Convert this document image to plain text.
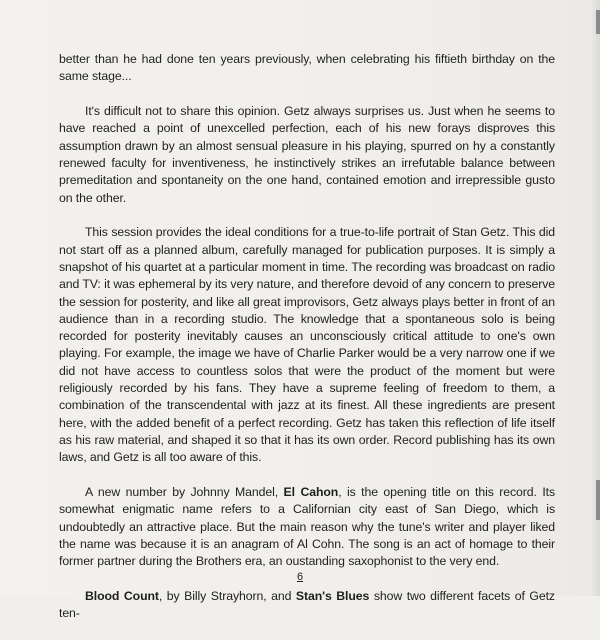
better than he had done ten years previously, when celebrating his fiftieth birthday on the same stage...

It's difficult not to share this opinion. Getz always surprises us. Just when he seems to have reached a point of unexcelled perfection, each of his new forays disproves this assumption drawn by an almost sensual pleasure in his playing, spurred on hy a constantly renewed faculty for inventiveness, he instinctively strikes an irrefutable balance between premeditation and spontaneity on the one hand, contained emotion and irrepressible gusto on the other.

This session provides the ideal conditions for a true-to-life portrait of Stan Getz. This did not start off as a planned album, carefully managed for publication purposes. It is simply a snapshot of his quartet at a particular moment in time. The recording was broadcast on radio and TV: it was ephemeral by its very nature, and therefore devoid of any concern to preserve the session for posterity, and like all great improvisors, Getz always plays better in front of an audience than in a recording studio. The knowledge that a spontaneous solo is being recorded for posterity inevitably causes an unconsciously critical attitude to one's own playing. For example, the image we have of Charlie Parker would be a very narrow one if we did not have access to countless solos that were the product of the moment but were religiously recorded by his fans. They have a supreme feeling of freedom to them, a combination of the transcendental with jazz at its finest. All these ingredients are present here, with the added benefit of a perfect recording. Getz has taken this reflection of life itself as his raw material, and shaped it so that it has its own order. Record publishing has its own laws, and Getz is all too aware of this.

A new number by Johnny Mandel, El Cahon, is the opening title on this record. Its somewhat enigmatic name refers to a Californian city east of San Diego, which is undoubtedly an attractive place. But the main reason why the tune's writer and player liked the name was because it is an anagram of Al Cohn. The song is an act of homage to their former partner during the Brothers era, an oustanding saxophonist to the very end.

Blood Count, by Billy Strayhorn, and Stan's Blues show two different facets of Getz ten-

6
